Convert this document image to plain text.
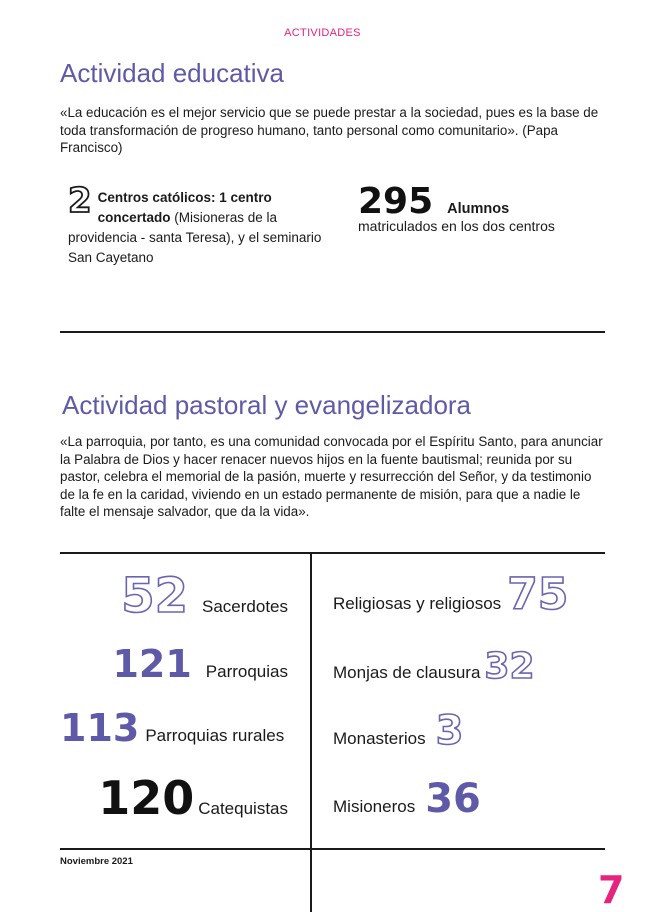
ACTIVIDADES
Actividad educativa
«La educación es el mejor servicio que se puede prestar a la sociedad, pues es la base de toda transformación de progreso humano, tanto personal como comunitario». (Papa Francisco)
2 Centros católicos: 1 centro concertado (Misioneras de la providencia - santa Teresa), y el seminario San Cayetano
295 Alumnos
matriculados en los dos centros
Actividad pastoral y evangelizadora
«La parroquia, por tanto, es una comunidad convocada por el Espíritu Santo, para anunciar la Palabra de Dios y hacer renacer nuevos hijos en la fuente bautismal; reunida por su pastor, celebra el memorial de la pasión, muerte y resurrección del Señor, y da testimonio de la fe en la caridad, viviendo en un estado permanente de misión, para que a nadie le falte el mensaje salvador, que da la vida».
52 Sacerdotes
121 Parroquias
113 Parroquias rurales
120 Catequistas
Religiosas y religiosos 75
Monjas de clausura 32
Monasterios 3
Misioneros 36
Noviembre 2021
7
